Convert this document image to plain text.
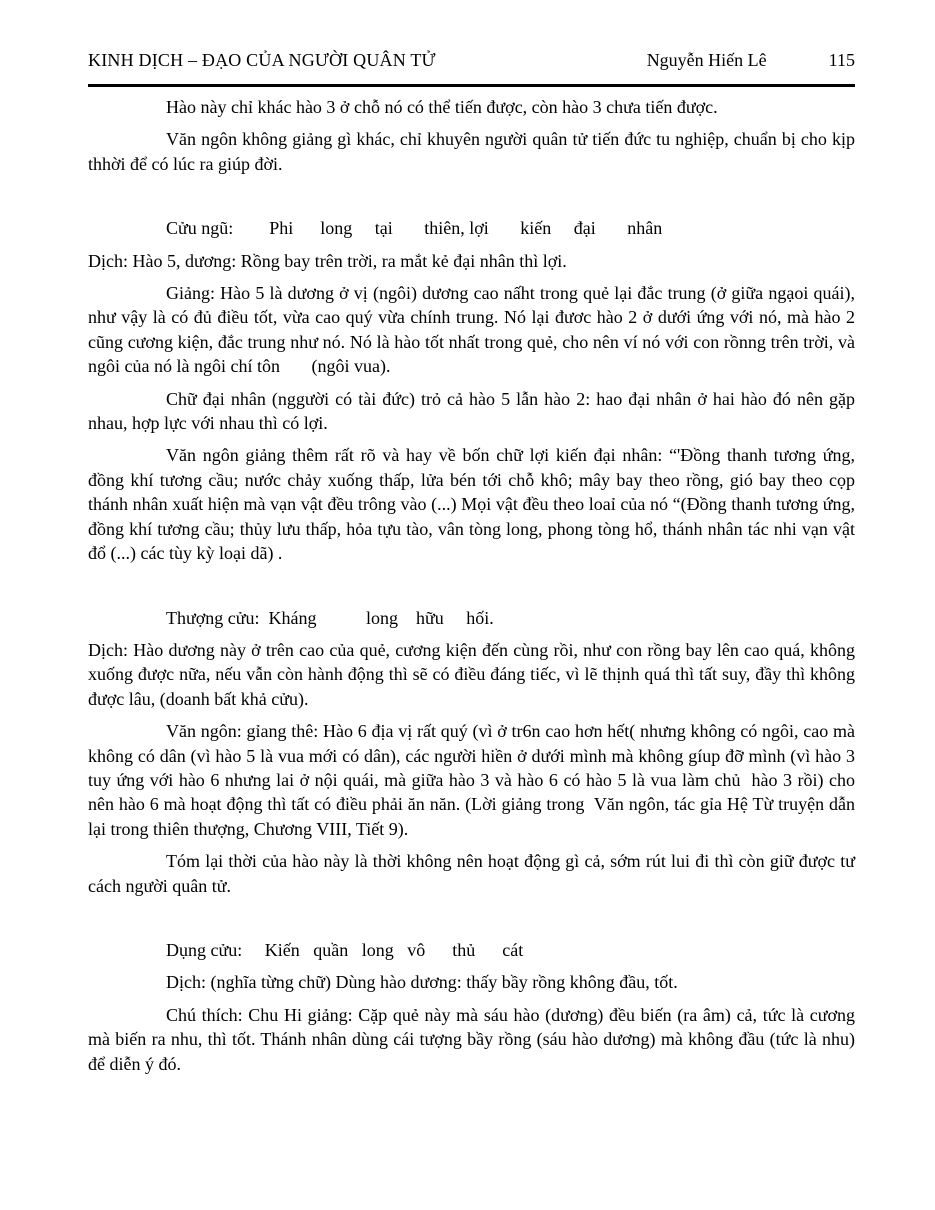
KINH DỊCH – ĐẠO CỦA NGƯỜI QUÂN TỬ	Nguyễn Hiến Lê	115

Hào này chỉ khác hào 3 ở chỗ nó có thể tiến được, còn hào 3 chưa tiến được.

Văn ngôn không giảng gì khác, chỉ khuyên người quân tử tiến đức tu nghiệp, chuẩn bị cho kịp thhời để có lúc ra giúp đời.

Cửu ngũ:        Phi      long     tại       thiên, lợi       kiến     đại       nhân

Dịch: Hào 5, dương: Rồng bay trên trời, ra mắt kẻ đại nhân thì lợi.

Giảng: Hào 5 là dương ở vị (ngôi) dương cao nấht trong quẻ lại đắc trung (ở giữa ngạoi quái), như vậy là có đủ điều tốt, vừa cao quý vừa chính trung. Nó lại đươc hào 2 ở dưới ứng với nó, mà hào 2 cũng cương kiện, đắc trung như nó. Nó là hào tốt nhất trong quẻ, cho nên ví nó với con rồnng trên trời, và ngôi của nó là ngôi chí tôn       (ngôi vua).

Chữ đại nhân (nggười có tài đức) trỏ cả hào 5 lẫn hào 2: hao đại nhân ở hai hào đó nên gặp nhau, hợp lực với nhau thì có lợi.

Văn ngôn giảng thêm rất rõ và hay về bốn chữ lợi kiến đại nhân: “'Đồng thanh tương ứng, đồng khí tương cầu; nước chảy xuống thấp, lửa bén tới chỗ khô; mây bay theo rồng, gió bay theo cọp thánh nhân xuất hiện mà vạn vật đều trông vào (...) Mọi vật đều theo loaỉ của nó “(Đồng thanh tương ứng, đồng khí tương cầu; thủy lưu thấp, hỏa tựu tào, vân tòng long, phong tòng hổ, thánh nhân tác nhi vạn vật đổ (...) các tùy kỳ loại dã) .

Thượng cửu:  Kháng           long    hữu     hối.

Dịch: Hào dương này ở trên cao của quẻ, cương kiện đến cùng rồi, như con rồng bay lên cao quá, không xuống được nữa, nếu vẫn còn hành động thì sẽ có điều đáng tiếc, vì lẽ thịnh quá thì tất suy, đầy thì không được lâu, (doanh bất khả cửu).

Văn ngôn: gỉang thê: Hào 6 địa vị rất quý (vì ở tr6n cao hơn hết( nhưng không có ngôi, cao mà không có dân (vì hào 5 là vua mới có dân), các người hiền ở dưới mình mà không gíup đỡ mình (vì hào 3 tuy ứng với hào 6 nhưng lai ở nội quái, mà giữa hào 3 và hào 6 có hào 5 là vua làm chủ  hào 3 rồi) cho nên hào 6 mà hoạt động thì tất có điều phải ăn năn. (Lời giảng trong  Văn ngôn, tác gỉa Hệ Từ truyện dẫn lại trong thiên thượng, Chương VIII, Tiết 9).

Tóm lại thời của hào này là thời không nên hoạt động gì cả, sớm rút lui đi thì còn giữ được tư cách người quân tử.

Dụng cửu:     Kiến   quần   long   vô      thủ      cát

Dịch: (nghĩa từng chữ) Dùng hào dương: thấy bầy rồng không đầu, tốt.

Chú thích: Chu Hi giảng: Cặp quẻ này mà sáu hào (dương) đều biến (ra âm) cả, tức là cương mà biến ra nhu, thì tốt. Thánh nhân dùng cái tượng bầy rồng (sáu hào dương) mà không đầu (tức là nhu) để diễn ý đó.
